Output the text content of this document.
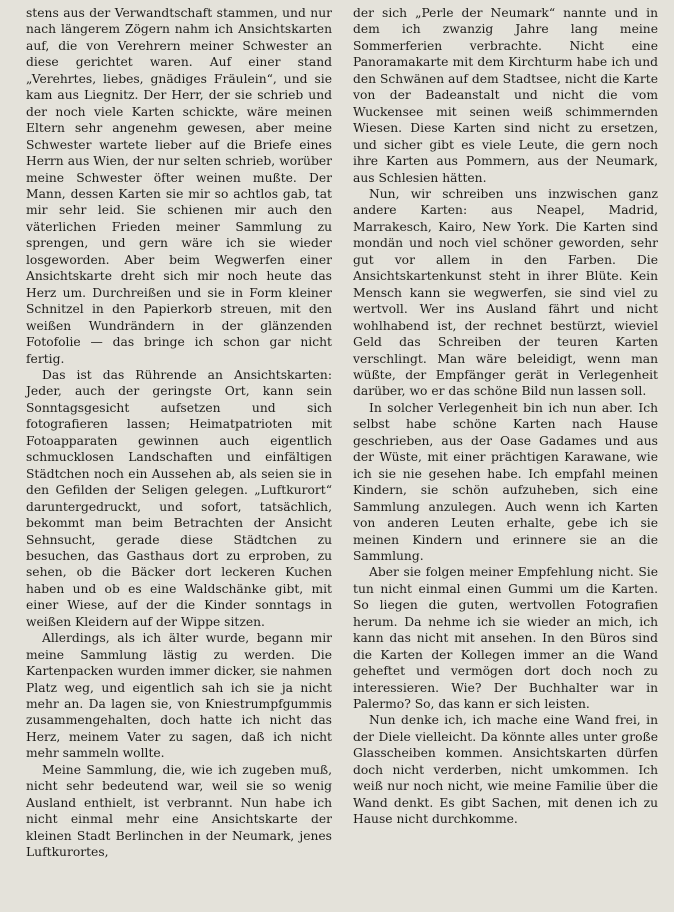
stens aus der Verwandtschaft stammen, und nur nach längerem Zögern nahm ich Ansichtskarten auf, die von Verehrern meiner Schwester an diese gerichtet waren. Auf einer stand „Verehrtes, liebes, gnädiges Fräulein“, und sie kam aus Liegnitz. Der Herr, der sie schrieb und der noch viele Karten schickte, wäre meinen Eltern sehr angenehm gewesen, aber meine Schwester wartete lieber auf die Briefe eines Herrn aus Wien, der nur selten schrieb, worüber meine Schwester öfter weinen mußte. Der Mann, dessen Karten sie mir so achtlos gab, tat mir sehr leid. Sie schienen mir auch den väterlichen Frieden meiner Sammlung zu sprengen, und gern wäre ich sie wieder losgeworden. Aber beim Wegwerfen einer Ansichtskarte dreht sich mir noch heute das Herz um. Durchreißen und sie in Form kleiner Schnitzel in den Papierkorb streuen, mit den weißen Wundrändern in der glänzenden Fotofolie — das bringe ich schon gar nicht fertig.

Das ist das Rührende an Ansichtskarten: Jeder, auch der geringste Ort, kann sein Sonntagsgesicht aufsetzen und sich fotografieren lassen; Heimatpatrioten mit Fotoapparaten gewinnen auch eigentlich schmucklosen Landschaften und einfältigen Städtchen noch ein Aussehen ab, als seien sie in den Gefilden der Seligen gelegen. „Luftkurort“ daruntergedruckt, und sofort, tatsächlich, bekommt man beim Betrachten der Ansicht Sehnsucht, gerade diese Städtchen zu besuchen, das Gasthaus dort zu erproben, zu sehen, ob die Bäcker dort leckeren Kuchen haben und ob es eine Waldschänke gibt, mit einer Wiese, auf der die Kinder sonntags in weißen Kleidern auf der Wippe sitzen.

Allerdings, als ich älter wurde, begann mir meine Sammlung lästig zu werden. Die Kartenpacken wurden immer dicker, sie nahmen Platz weg, und eigentlich sah ich sie ja nicht mehr an. Da lagen sie, von Kniestrumpfgummis zusammengehalten, doch hatte ich nicht das Herz, meinem Vater zu sagen, daß ich nicht mehr sammeln wollte.

Meine Sammlung, die, wie ich zugeben muß, nicht sehr bedeutend war, weil sie so wenig Ausland enthielt, ist verbrannt. Nun habe ich nicht einmal mehr eine Ansichtskarte der kleinen Stadt Berlinchen in der Neumark, jenes Luftkurortes,

der sich „Perle der Neumark“ nannte und in dem ich zwanzig Jahre lang meine Sommerferien verbrachte. Nicht eine Panoramakarte mit dem Kirchturm habe ich und den Schwänen auf dem Stadtsee, nicht die Karte von der Badeanstalt und nicht die vom Wuckensee mit seinen weiß schimmernden Wiesen. Diese Karten sind nicht zu ersetzen, und sicher gibt es viele Leute, die gern noch ihre Karten aus Pommern, aus der Neumark, aus Schlesien hätten.

Nun, wir schreiben uns inzwischen ganz andere Karten: aus Neapel, Madrid, Marrakesch, Kairo, New York. Die Karten sind mondän und noch viel schöner geworden, sehr gut vor allem in den Farben. Die Ansichtskartenkunst steht in ihrer Blüte. Kein Mensch kann sie wegwerfen, sie sind viel zu wertvoll. Wer ins Ausland fährt und nicht wohlhabend ist, der rechnet bestürzt, wieviel Geld das Schreiben der teuren Karten verschlingt. Man wäre beleidigt, wenn man wüßte, der Empfänger gerät in Verlegenheit darüber, wo er das schöne Bild nun lassen soll.

In solcher Verlegenheit bin ich nun aber. Ich selbst habe schöne Karten nach Hause geschrieben, aus der Oase Gadames und aus der Wüste, mit einer prächtigen Karawane, wie ich sie nie gesehen habe. Ich empfahl meinen Kindern, sie schön aufzuheben, sich eine Sammlung anzulegen. Auch wenn ich Karten von anderen Leuten erhalte, gebe ich sie meinen Kindern und erinnere sie an die Sammlung.

Aber sie folgen meiner Empfehlung nicht. Sie tun nicht einmal einen Gummi um die Karten. So liegen die guten, wertvollen Fotografien herum. Da nehme ich sie wieder an mich, ich kann das nicht mit ansehen. In den Büros sind die Karten der Kollegen immer an die Wand geheftet und vermögen dort doch noch zu interessieren. Wie? Der Buchhalter war in Palermo? So, das kann er sich leisten.

Nun denke ich, ich mache eine Wand frei, in der Diele vielleicht. Da könnte alles unter große Glasscheiben kommen. Ansichtskarten dürfen doch nicht verderben, nicht umkommen. Ich weiß nur noch nicht, wie meine Familie über die Wand denkt. Es gibt Sachen, mit denen ich zu Hause nicht durchkomme.
